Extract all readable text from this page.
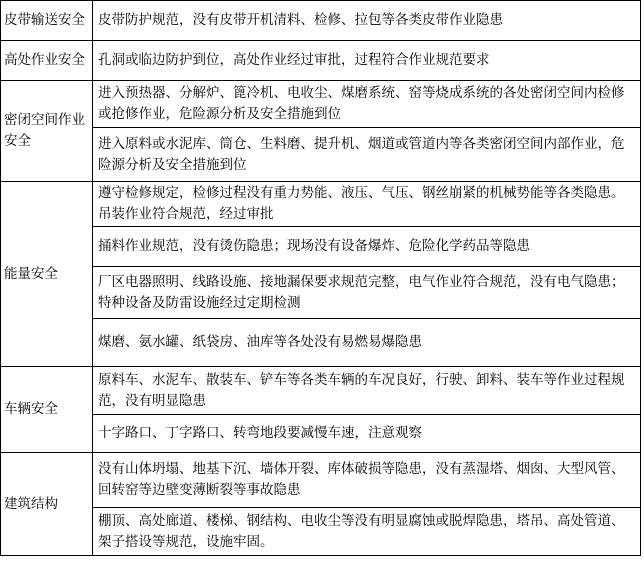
皮带输送安全	皮带防护规范，没有皮带开机清料、检修、拉包等各类皮带作业隐患
高处作业安全	孔洞或临边防护到位，高处作业经过审批，过程符合作业规范要求
密闭空间作业安全	进入预热器、分解炉、篦冷机、电收尘、煤磨系统、窑等烧成系统的各处密闭空间内检修或抢修作业，危险源分析及安全措施到位
	进入原料或水泥库、筒仓、生料磨、提升机、烟道或管道内等各类密闭空间内部作业，危险源分析及安全措施到位
能量安全	遵守检修规定，检修过程没有重力势能、液压、气压、钢丝崩紧的机械势能等各类隐患。吊装作业符合规范，经过审批
	捅料作业规范，没有烫伤隐患；现场没有设备爆炸、危险化学药品等隐患
	厂区电器照明、线路设施、接地漏保要求规范完整，电气作业符合规范，没有电气隐患；特种设备及防雷设施经过定期检测
	煤磨、氨水罐、纸袋房、油库等各处没有易燃易爆隐患
车辆安全	原料车、水泥车、散装车、铲车等各类车辆的车况良好，行驶、卸料、装车等作业过程规范，没有明显隐患
	十字路口、丁字路口、转弯地段要减慢车速，注意观察
建筑结构	没有山体坍塌、地基下沉、墙体开裂、库体破损等隐患，没有蒸湿塔、烟囱、大型风管、回转窑等边壁变薄断裂等事故隐患
	棚顶、高处廊道、楼梯、钢结构、电收尘等没有明显腐蚀或脱焊隐患，塔吊、高处管道、架子搭设等规范，设施牢固。
